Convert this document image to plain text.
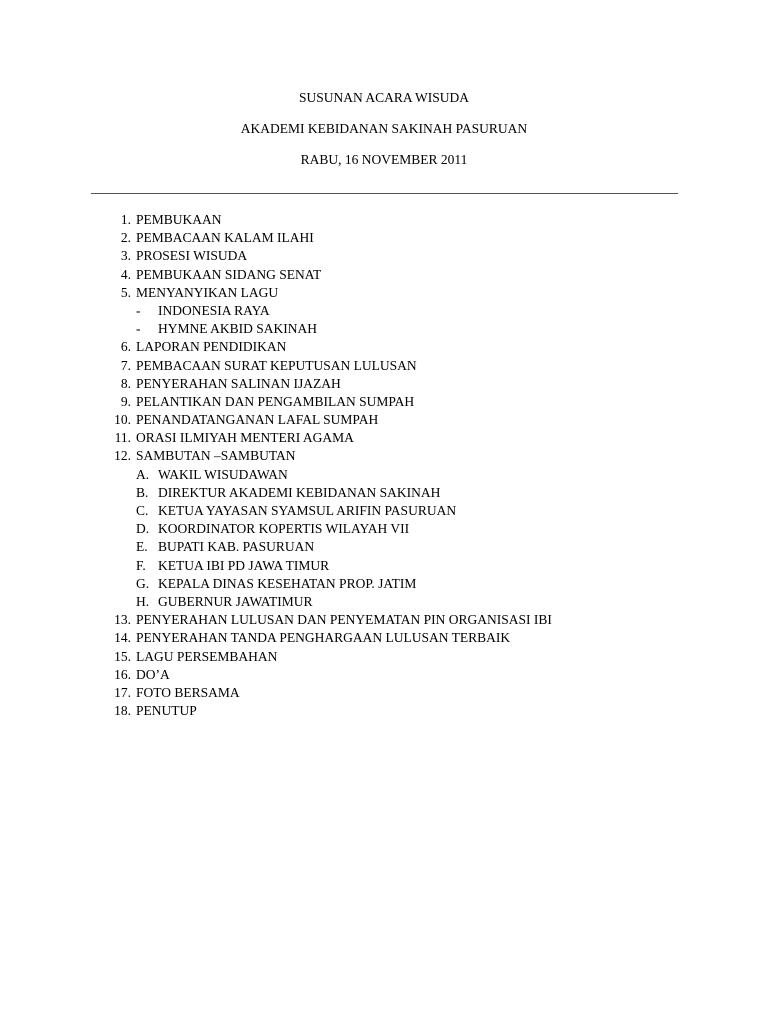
SUSUNAN ACARA WISUDA
AKADEMI KEBIDANAN SAKINAH PASURUAN
RABU, 16 NOVEMBER 2011
1. PEMBUKAAN
2. PEMBACAAN KALAM ILAHI
3. PROSESI WISUDA
4. PEMBUKAAN SIDANG SENAT
5. MENYANYIKAN LAGU
- INDONESIA RAYA
- HYMNE AKBID SAKINAH
6. LAPORAN PENDIDIKAN
7. PEMBACAAN SURAT KEPUTUSAN LULUSAN
8. PENYERAHAN SALINAN IJAZAH
9. PELANTIKAN DAN PENGAMBILAN SUMPAH
10. PENANDATANGANAN LAFAL SUMPAH
11. ORASI ILMIYAH MENTERI AGAMA
12. SAMBUTAN –SAMBUTAN
A. WAKIL WISUDAWAN
B. DIREKTUR AKADEMI KEBIDANAN SAKINAH
C. KETUA YAYASAN SYAMSUL ARIFIN PASURUAN
D. KOORDINATOR KOPERTIS WILAYAH VII
E. BUPATI KAB. PASURUAN
F. KETUA IBI PD JAWA TIMUR
G. KEPALA DINAS KESEHATAN PROP. JATIM
H. GUBERNUR JAWATIMUR
13. PENYERAHAN LULUSAN DAN PENYEMATAN PIN ORGANISASI IBI
14. PENYERAHAN TANDA PENGHARGAAN LULUSAN TERBAIK
15. LAGU PERSEMBAHAN
16. DO’A
17. FOTO BERSAMA
18. PENUTUP
